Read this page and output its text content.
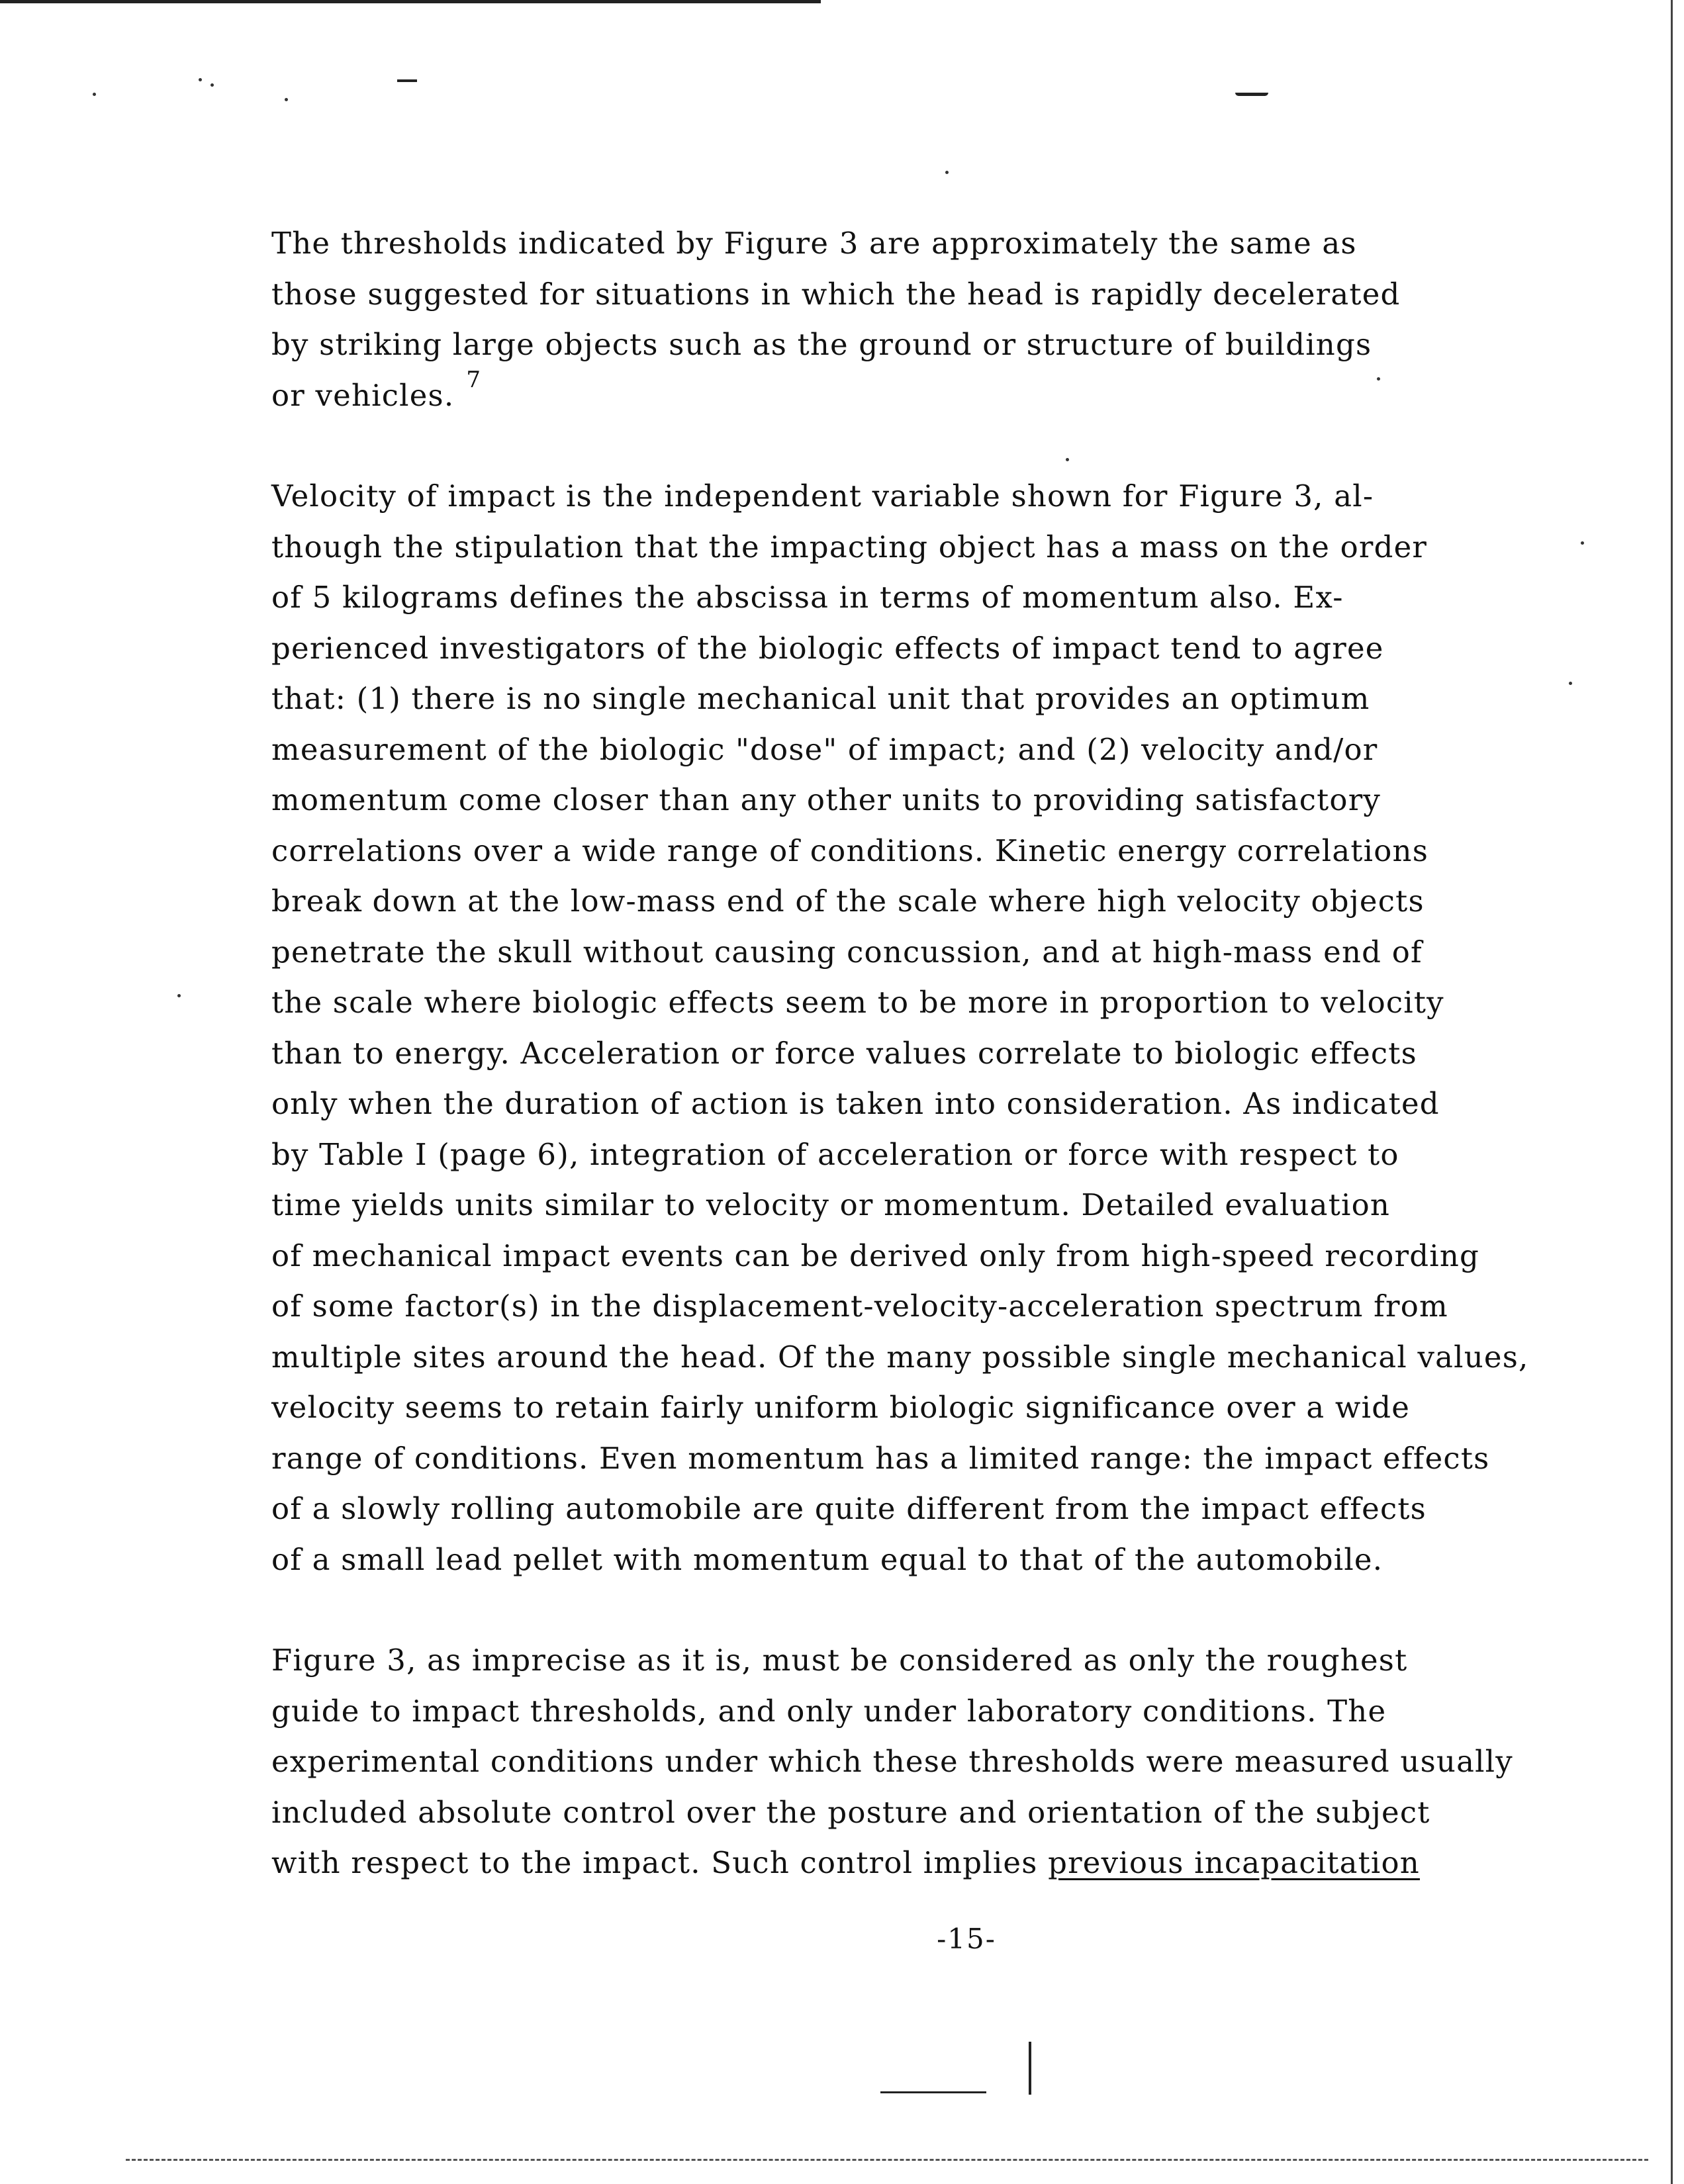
The thresholds indicated by Figure 3 are approximately the same as
those suggested for situations in which the head is rapidly decelerated
by striking large objects such as the ground or structure of buildings
or vehicles. $^7$
Velocity of impact is the independent variable shown for Figure 3, al-
though the stipulation that the impacting object has a mass on the order
of 5 kilograms defines the abscissa in terms of momentum also. Ex-
perienced investigators of the biologic effects of impact tend to agree
that: (1) there is no single mechanical unit that provides an optimum
measurement of the biologic "dose" of impact; and (2) velocity and/or
momentum come closer than any other units to providing satisfactory
correlations over a wide range of conditions. Kinetic energy correlations
break down at the low-mass end of the scale where high velocity objects
penetrate the skull without causing concussion, and at high-mass end of
the scale where biologic effects seem to be more in proportion to velocity
than to energy. Acceleration or force values correlate to biologic effects
only when the duration of action is taken into consideration. As indicated
by Table I (page 6), integration of acceleration or force with respect to
time yields units similar to velocity or momentum. Detailed evaluation
of mechanical impact events can be derived only from high-speed recording
of some factor(s) in the displacement-velocity-acceleration spectrum from
multiple sites around the head. Of the many possible single mechanical values,
velocity seems to retain fairly uniform biologic significance over a wide
range of conditions. Even momentum has a limited range: the impact effects
of a slowly rolling automobile are quite different from the impact effects
of a small lead pellet with momentum equal to that of the automobile.
Figure 3, as imprecise as it is, must be considered as only the roughest
guide to impact thresholds, and only under laboratory conditions. The
experimental conditions under which these thresholds were measured usually
included absolute control over the posture and orientation of the subject
with respect to the impact. Such control implies previous incapacitation
-15-
